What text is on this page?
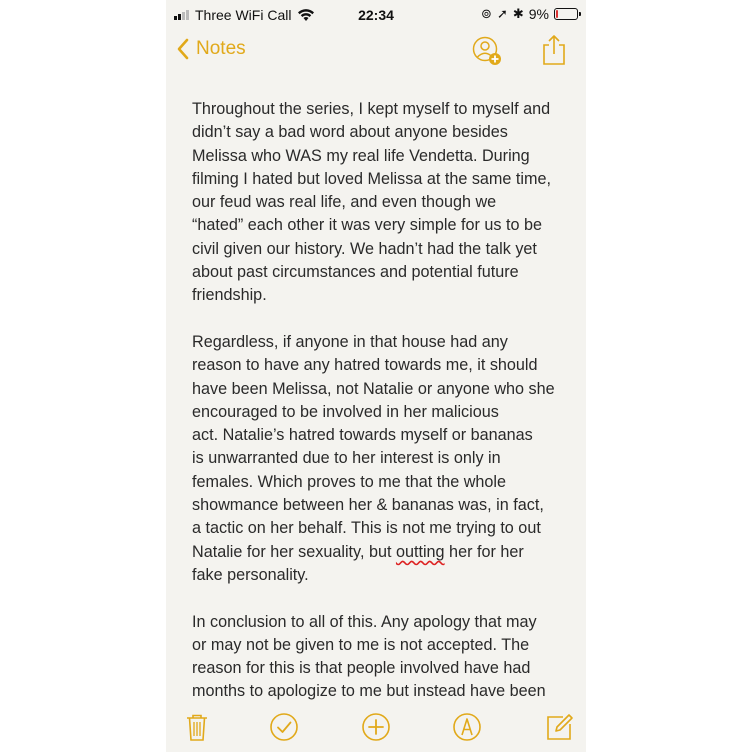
Three WiFi Call	22:34	⊚ ➚ ✱ 9%
Notes

Throughout the series, I kept myself to myself and
didn’t say a bad word about anyone besides
Melissa who WAS my real life Vendetta. During
filming I hated but loved Melissa at the same time,
our feud was real life, and even though we
“hated” each other it was very simple for us to be
civil given our history. We hadn’t had the talk yet
about past circumstances and potential future
friendship.

Regardless, if anyone in that house had any
reason to have any hatred towards me, it should
have been Melissa, not Natalie or anyone who she
encouraged to be involved in her malicious
act. Natalie’s hatred towards myself or bananas
is unwarranted due to her interest is only in
females. Which proves to me that the whole
showmance between her & bananas was, in fact,
a tactic on her behalf. This is not me trying to out
Natalie for her sexuality, but outting her for her
fake personality.

In conclusion to all of this. Any apology that may
or may not be given to me is not accepted. The
reason for this is that people involved have had
months to apologize to me but instead have been
